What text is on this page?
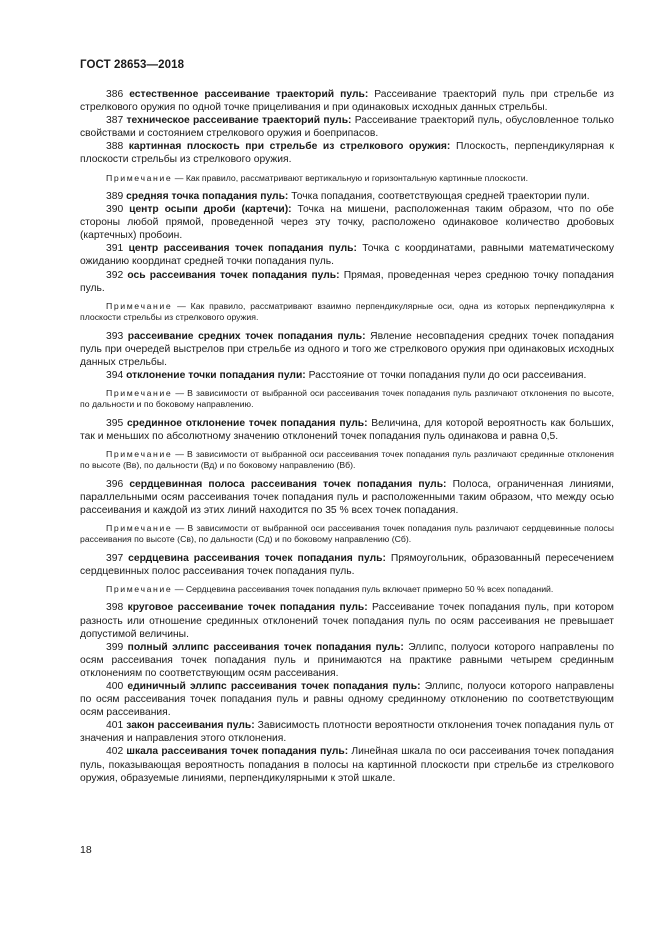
ГОСТ 28653—2018

386 естественное рассеивание траекторий пуль: Рассеивание траекторий пуль при стрельбе из стрелкового оружия по одной точке прицеливания и при одинаковых исходных данных стрельбы.

387 техническое рассеивание траекторий пуль: Рассеивание траекторий пуль, обусловленное только свойствами и состоянием стрелкового оружия и боеприпасов.

388 картинная плоскость при стрельбе из стрелкового оружия: Плоскость, перпендикулярная к плоскости стрельбы из стрелкового оружия.

Примечание — Как правило, рассматривают вертикальную и горизонтальную картинные плоскости.

389 средняя точка попадания пуль: Точка попадания, соответствующая средней траектории пули.

390 центр осыпи дроби (картечи): Точка на мишени, расположенная таким образом, что по обе стороны любой прямой, проведенной через эту точку, расположено одинаковое количество дробовых (картечных) пробоин.

391 центр рассеивания точек попадания пуль: Точка с координатами, равными математическому ожиданию координат средней точки попадания пуль.

392 ось рассеивания точек попадания пуль: Прямая, проведенная через среднюю точку попадания пуль.

Примечание — Как правило, рассматривают взаимно перпендикулярные оси, одна из которых перпендикулярна к плоскости стрельбы из стрелкового оружия.

393 рассеивание средних точек попадания пуль: Явление несовпадения средних точек попадания пуль при очередей выстрелов при стрельбе из одного и того же стрелкового оружия при одинаковых исходных данных стрельбы.

394 отклонение точки попадания пули: Расстояние от точки попадания пули до оси рассеивания.

Примечание — В зависимости от выбранной оси рассеивания точек попадания пуль различают отклонения по высоте, по дальности и по боковому направлению.

395 срединное отклонение точек попадания пуль: Величина, для которой вероятность как больших, так и меньших по абсолютному значению отклонений точек попадания пуль одинакова и равна 0,5.

Примечание — В зависимости от выбранной оси рассеивания точек попадания пуль различают срединные отклонения по высоте (Вв), по дальности (Вд) и по боковому направлению (Вб).

396 сердцевинная полоса рассеивания точек попадания пуль: Полоса, ограниченная линиями, параллельными осям рассеивания точек попадания пуль и расположенными таким образом, что между осью рассеивания и каждой из этих линий находится по 35 % всех точек попадания.

Примечание — В зависимости от выбранной оси рассеивания точек попадания пуль различают сердцевинные полосы рассеивания по высоте (Св), по дальности (Сд) и по боковому направлению (Сб).

397 сердцевина рассеивания точек попадания пуль: Прямоугольник, образованный пересечением сердцевинных полос рассеивания точек попадания пуль.

Примечание — Сердцевина рассеивания точек попадания пуль включает примерно 50 % всех попаданий.

398 круговое рассеивание точек попадания пуль: Рассеивание точек попадания пуль, при котором разность или отношение срединных отклонений точек попадания пуль по осям рассеивания не превышает допустимой величины.

399 полный эллипс рассеивания точек попадания пуль: Эллипс, полуоси которого направлены по осям рассеивания точек попадания пуль и принимаются на практике равными четырем срединным отклонениям по соответствующим осям рассеивания.

400 единичный эллипс рассеивания точек попадания пуль: Эллипс, полуоси которого направлены по осям рассеивания точек попадания пуль и равны одному срединному отклонению по соответствующим осям рассеивания.

401 закон рассеивания пуль: Зависимость плотности вероятности отклонения точек попадания пуль от значения и направления этого отклонения.

402 шкала рассеивания точек попадания пуль: Линейная шкала по оси рассеивания точек попадания пуль, показывающая вероятность попадания в полосы на картинной плоскости при стрельбе из стрелкового оружия, образуемые линиями, перпендикулярными к этой шкале.

18
